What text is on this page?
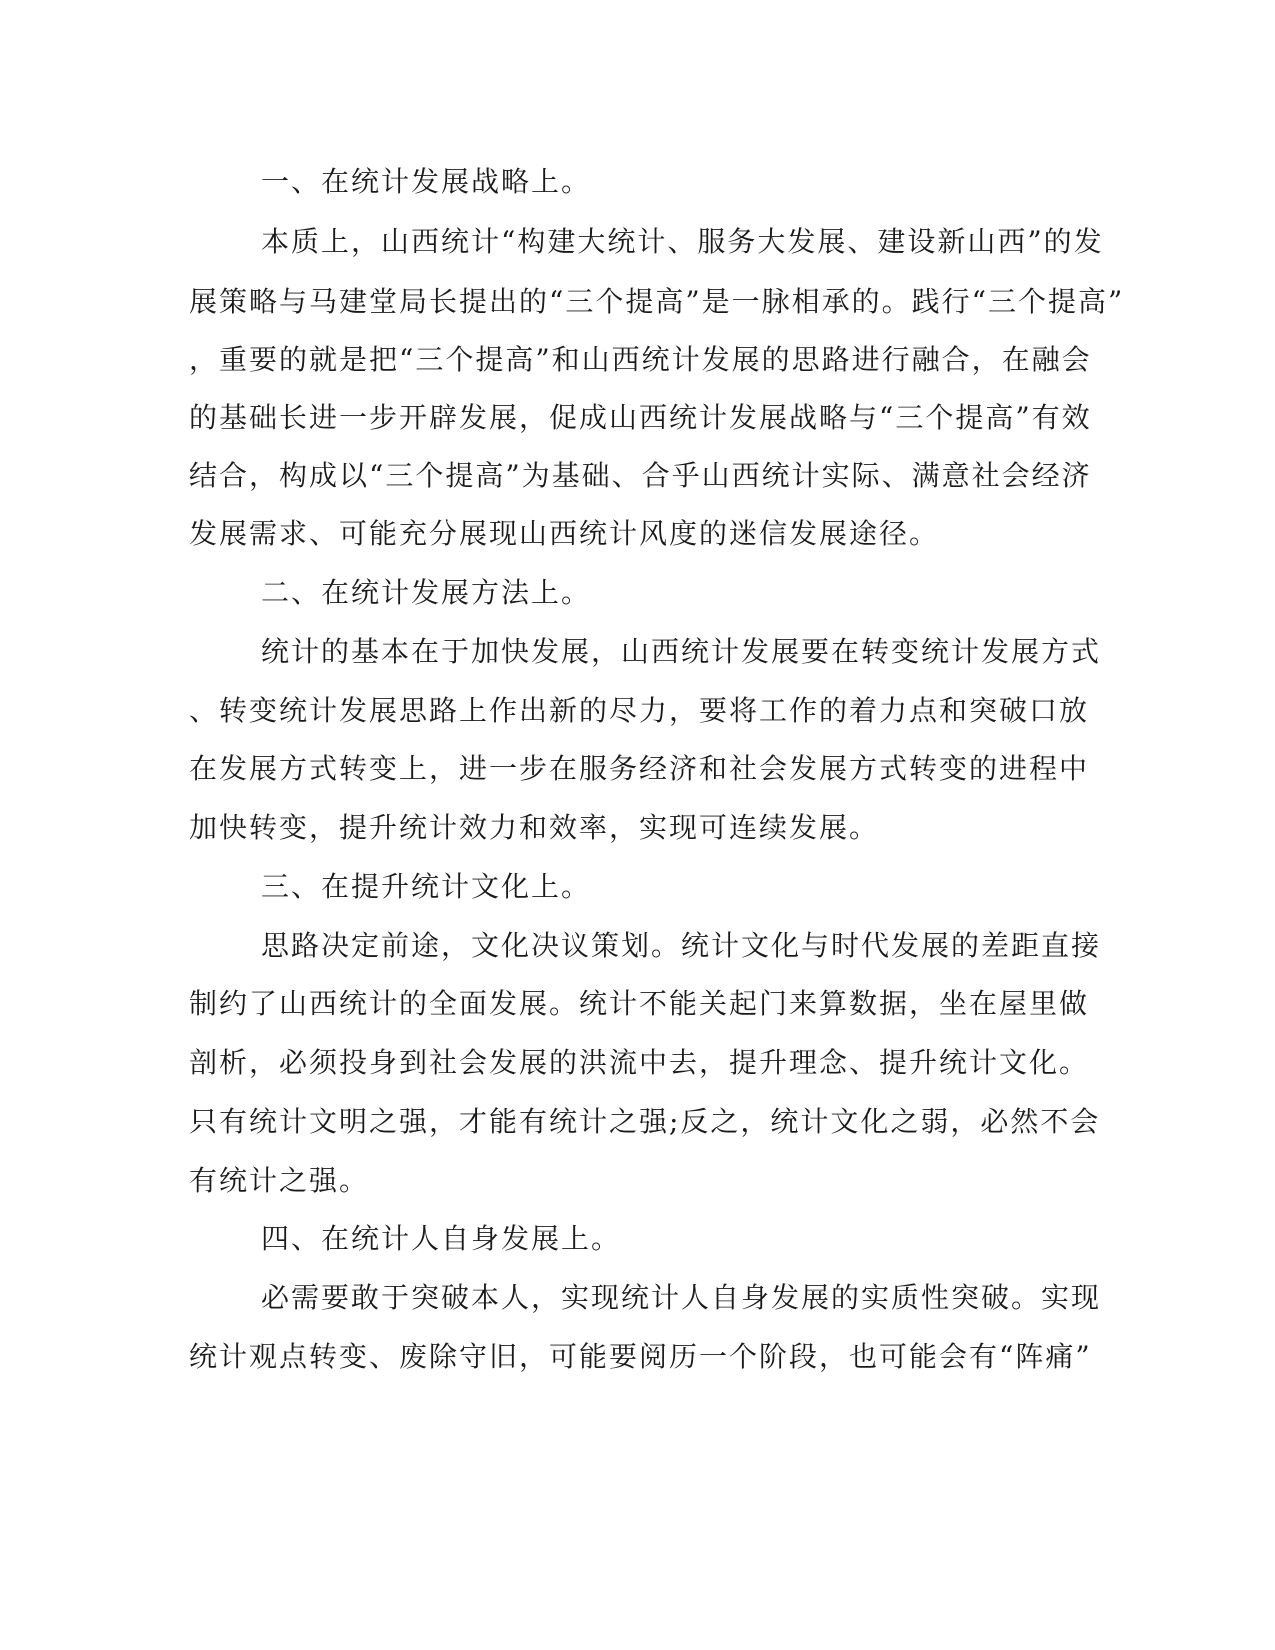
一、在统计发展战略上。

本质上，山西统计“构建大统计、服务大发展、建设新山西”的发

展策略与马建堂局长提出的“三个提高”是一脉相承的。践行“三个提高”

，重要的就是把“三个提高”和山西统计发展的思路进行融合，在融会

的基础长进一步开辟发展，促成山西统计发展战略与“三个提高”有效

结合，构成以“三个提高”为基础、合乎山西统计实际、满意社会经济

发展需求、可能充分展现山西统计风度的迷信发展途径。

二、在统计发展方法上。

统计的基本在于加快发展，山西统计发展要在转变统计发展方式

、转变统计发展思路上作出新的尽力，要将工作的着力点和突破口放

在发展方式转变上，进一步在服务经济和社会发展方式转变的进程中

加快转变，提升统计效力和效率，实现可连续发展。

三、在提升统计文化上。

思路决定前途，文化决议策划。统计文化与时代发展的差距直接

制约了山西统计的全面发展。统计不能关起门来算数据，坐在屋里做

剖析，必须投身到社会发展的洪流中去，提升理念、提升统计文化。

只有统计文明之强，才能有统计之强;反之，统计文化之弱，必然不会

有统计之强。

四、在统计人自身发展上。

必需要敢于突破本人，实现统计人自身发展的实质性突破。实现

统计观点转变、废除守旧，可能要阅历一个阶段，也可能会有“阵痛”
